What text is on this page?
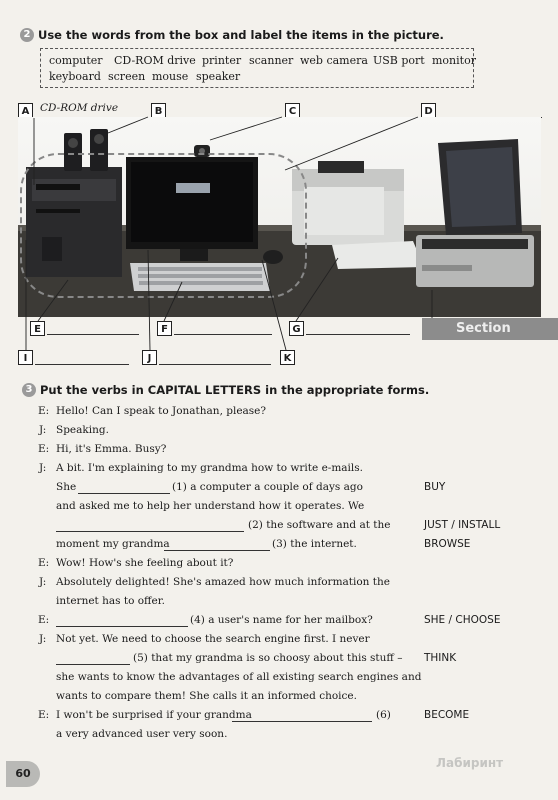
2 Use the words from the box and label the items in the picture.
computer CD-ROM drive printer scanner web camera USB port monitor
keyboard screen mouse speaker
A	CD-ROM drive	B	C	D
E	F	G
I	J	K
Section
3 Put the verbs in CAPITAL LETTERS in the appropriate forms.
E: Hello! Can I speak to Jonathan, please?
J: Speaking.
E: Hi, it's Emma. Busy?
J: A bit. I'm explaining to my grandma how to write e-mails.
She	(1) a computer a couple of days ago	BUY
and asked me to help her understand how it operates. We
(2) the software and at the	JUST / INSTALL
moment my grandma	(3) the internet.	BROWSE
E: Wow! How's she feeling about it?
J: Absolutely delighted! She's amazed how much information the
internet has to offer.
E:	(4) a user's name for her mailbox?	SHE / CHOOSE
J: Not yet. We need to choose the search engine first. I never
(5) that my grandma is so choosy about this stuff – THINK
she wants to know the advantages of all existing search engines and
wants to compare them! She calls it an informed choice.
E: I won't be surprised if your grandma	(6)	BECOME
a very advanced user very soon.
60
Лабиринт
